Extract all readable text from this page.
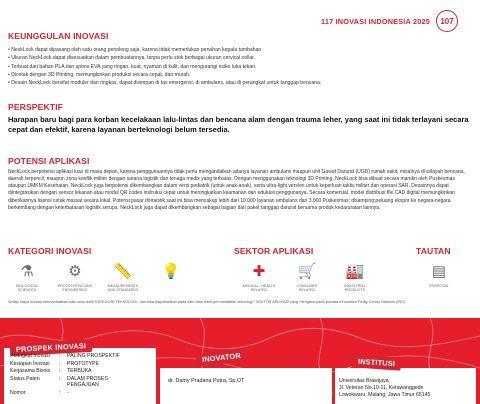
117 INOVASI INDONESIA 2025	107
KEUNGGULAN INOVASI
• NeckLock dapat dipasang oleh satu orang penolong saja, karena tidak memerlukan penahan kepala tambahan.
• Ukuran NeckLock dapat disesuaikan dalam pembuatannya, tanpa perlu stok berbagai ukuran cervical collar.
• Terbuat dari bahan PLA dan spons EVA yang ringan, kuat, nyaman di kulit, dan mengurangi risiko luka tekan.
• Dicetak dengan 3D Printing, memungkinkan produksi secara cepat, dan murah.
• Desain NeckLock bersifat moduler dan ringkas, dapat disimpan di tas emergensi, di ambulans, atau di perangkat untuk tanggap bencana.
PERSPEKTIF
Harapan baru bagi para korban kecelakaan lalu-lintas dan bencana alam dengan trauma leher, yang saat ini tidak terlayani secara cepat dan efektif, karena layanan berteknologi belum tersedia.
POTENSI APLIKASI
NeckLock berpotensi aplikasi luas di masa depan, karena penggunaannya tidak perlu mengandalkan adanya layanan ambulans maupun unit Gawat Darurat (UGD) rumah sakit, misalnya di wilayah bencana, daerah terpencil, maupun zona konflik militer dengan sarana logistik dan tenaga medis yang terbatas. Dengan menggunakan teknologi 3D Printing, NeckLock bisa dibuat secara mandiri oleh Puskesmas ataupun UMKM Kesehatan. NeckLock juga berpotensi dikembangkan dalam versi pediatrik (untuk anak-anak), serta ultra-light version untuk keperluan taktis militer dan operasi SAR. Desainnya dapat diintegrasikan dengan sensor tekanan atau modul QR codes instruksi cepat untuk meningkatkan keamanan dan edukasi penggunanya. Secara komersial, model distribusi file CAD digital memungkinkan diberikannya lisensi cetak massal secara lokal. Potensi pasar domestik saat ini bisa mencakup lebih dari 10.000 layanan ambulans dan 3.000 Puskesmas; disamping peluang ekspor ke negara-negara berkembang dengan keterbatasan logistik serupa. NeckLock juga dapat dikembangkan sebagai bagian dari paket tanggap darurat bersama produk kedaruratan lainnya.
KATEGORI INOVASI	SEKTOR APLIKASI	TAUTAN
⚗
BIOLOGICAL SCIENCES
⚙
PROTOTYPING AND ENGINEERING
📏
MEASUREMENTS AND STANDARDS
💡	✚
MEDICAL / HEALTH RELATED
🛒
CONSUMER RELATED
🏭
INDUSTRIAL PRODUCTS
▤
PROPOSAL
Setiap karya inovasi memanfaatkan satu atau lebih KATEGORI TEKNOLOGI, dan bisa diaplikasikan pada satu atau lebih permanfaatan teknologi / SEKTOR APLIKASI yang mengacu pada standar Innovation Relay Center Network (IRC)
PROSPEK INOVASI
INOVATOR	INSTITUSI
Peringkat Inovasi	:	PALING PROSPEKTIF
Kesiapan Inovasi	:	PROTOTYPE
Kerjasama Bisnis	:	TERBUKA
Status Paten	:	DALAM PROSES PENGAJUAN
Nomor	:	-
dr. Damy Pradana Putra, Sp.OT	Universitas Brawijaya
Jl. Veteran No.10-11, Ketawanggede
Lowokwaru, Malang, Jawa Timur 65145
